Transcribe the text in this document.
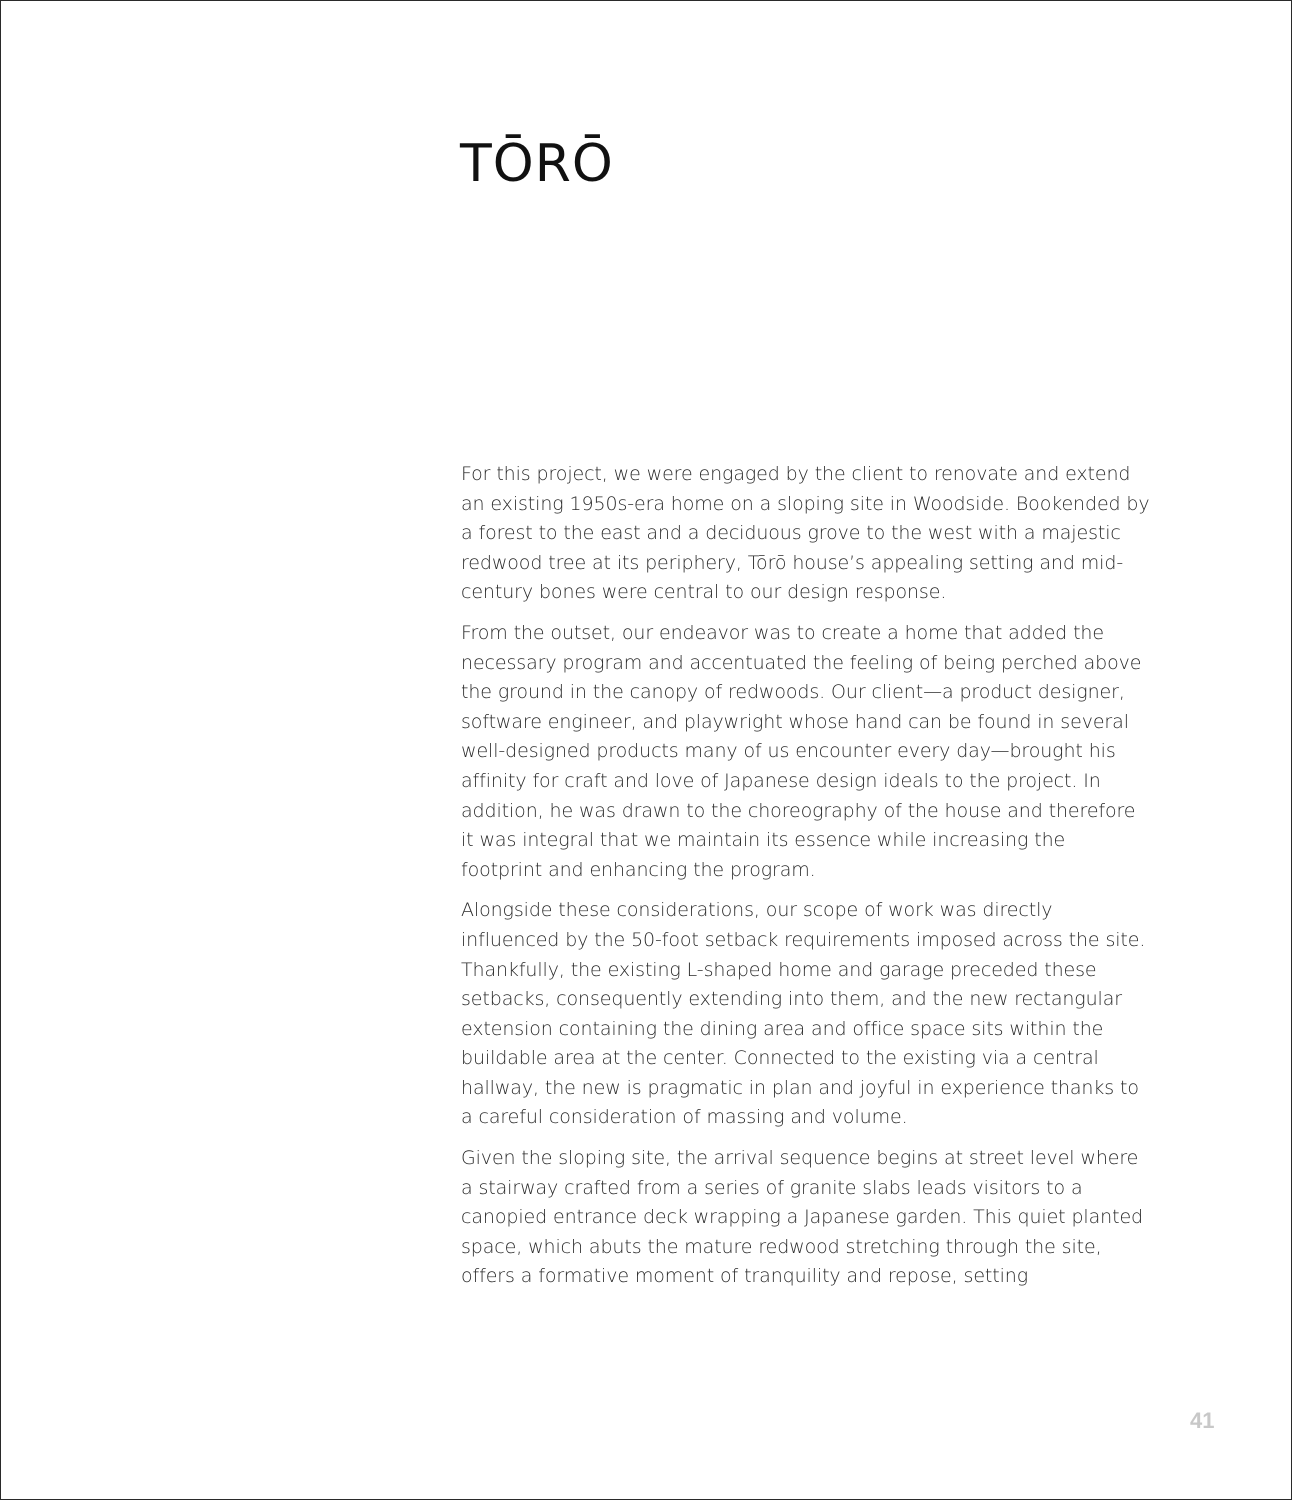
TŌRŌ

For this project, we were engaged by the client to renovate and extend an existing 1950s-era home on a sloping site in Woodside. Bookended by a forest to the east and a deciduous grove to the west with a majestic redwood tree at its periphery, Tōrō house’s appealing setting and mid-century bones were central to our design response.

From the outset, our endeavor was to create a home that added the necessary program and accentuated the feeling of being perched above the ground in the canopy of redwoods. Our client—a product designer, software engineer, and playwright whose hand can be found in several well-designed products many of us encounter every day—brought his affinity for craft and love of Japanese design ideals to the project. In addition, he was drawn to the choreography of the house and therefore it was integral that we maintain its essence while increasing the footprint and enhancing the program.

Alongside these considerations, our scope of work was directly influenced by the 50-foot setback requirements imposed across the site. Thankfully, the existing L-shaped home and garage preceded these setbacks, consequently extending into them, and the new rectangular extension containing the dining area and office space sits within the buildable area at the center. Connected to the existing via a central hallway, the new is pragmatic in plan and joyful in experience thanks to a careful consideration of massing and volume.

Given the sloping site, the arrival sequence begins at street level where a stairway crafted from a series of granite slabs leads visitors to a canopied entrance deck wrapping a Japanese garden. This quiet planted space, which abuts the mature redwood stretching through the site, offers a formative moment of tranquility and repose, setting

41
